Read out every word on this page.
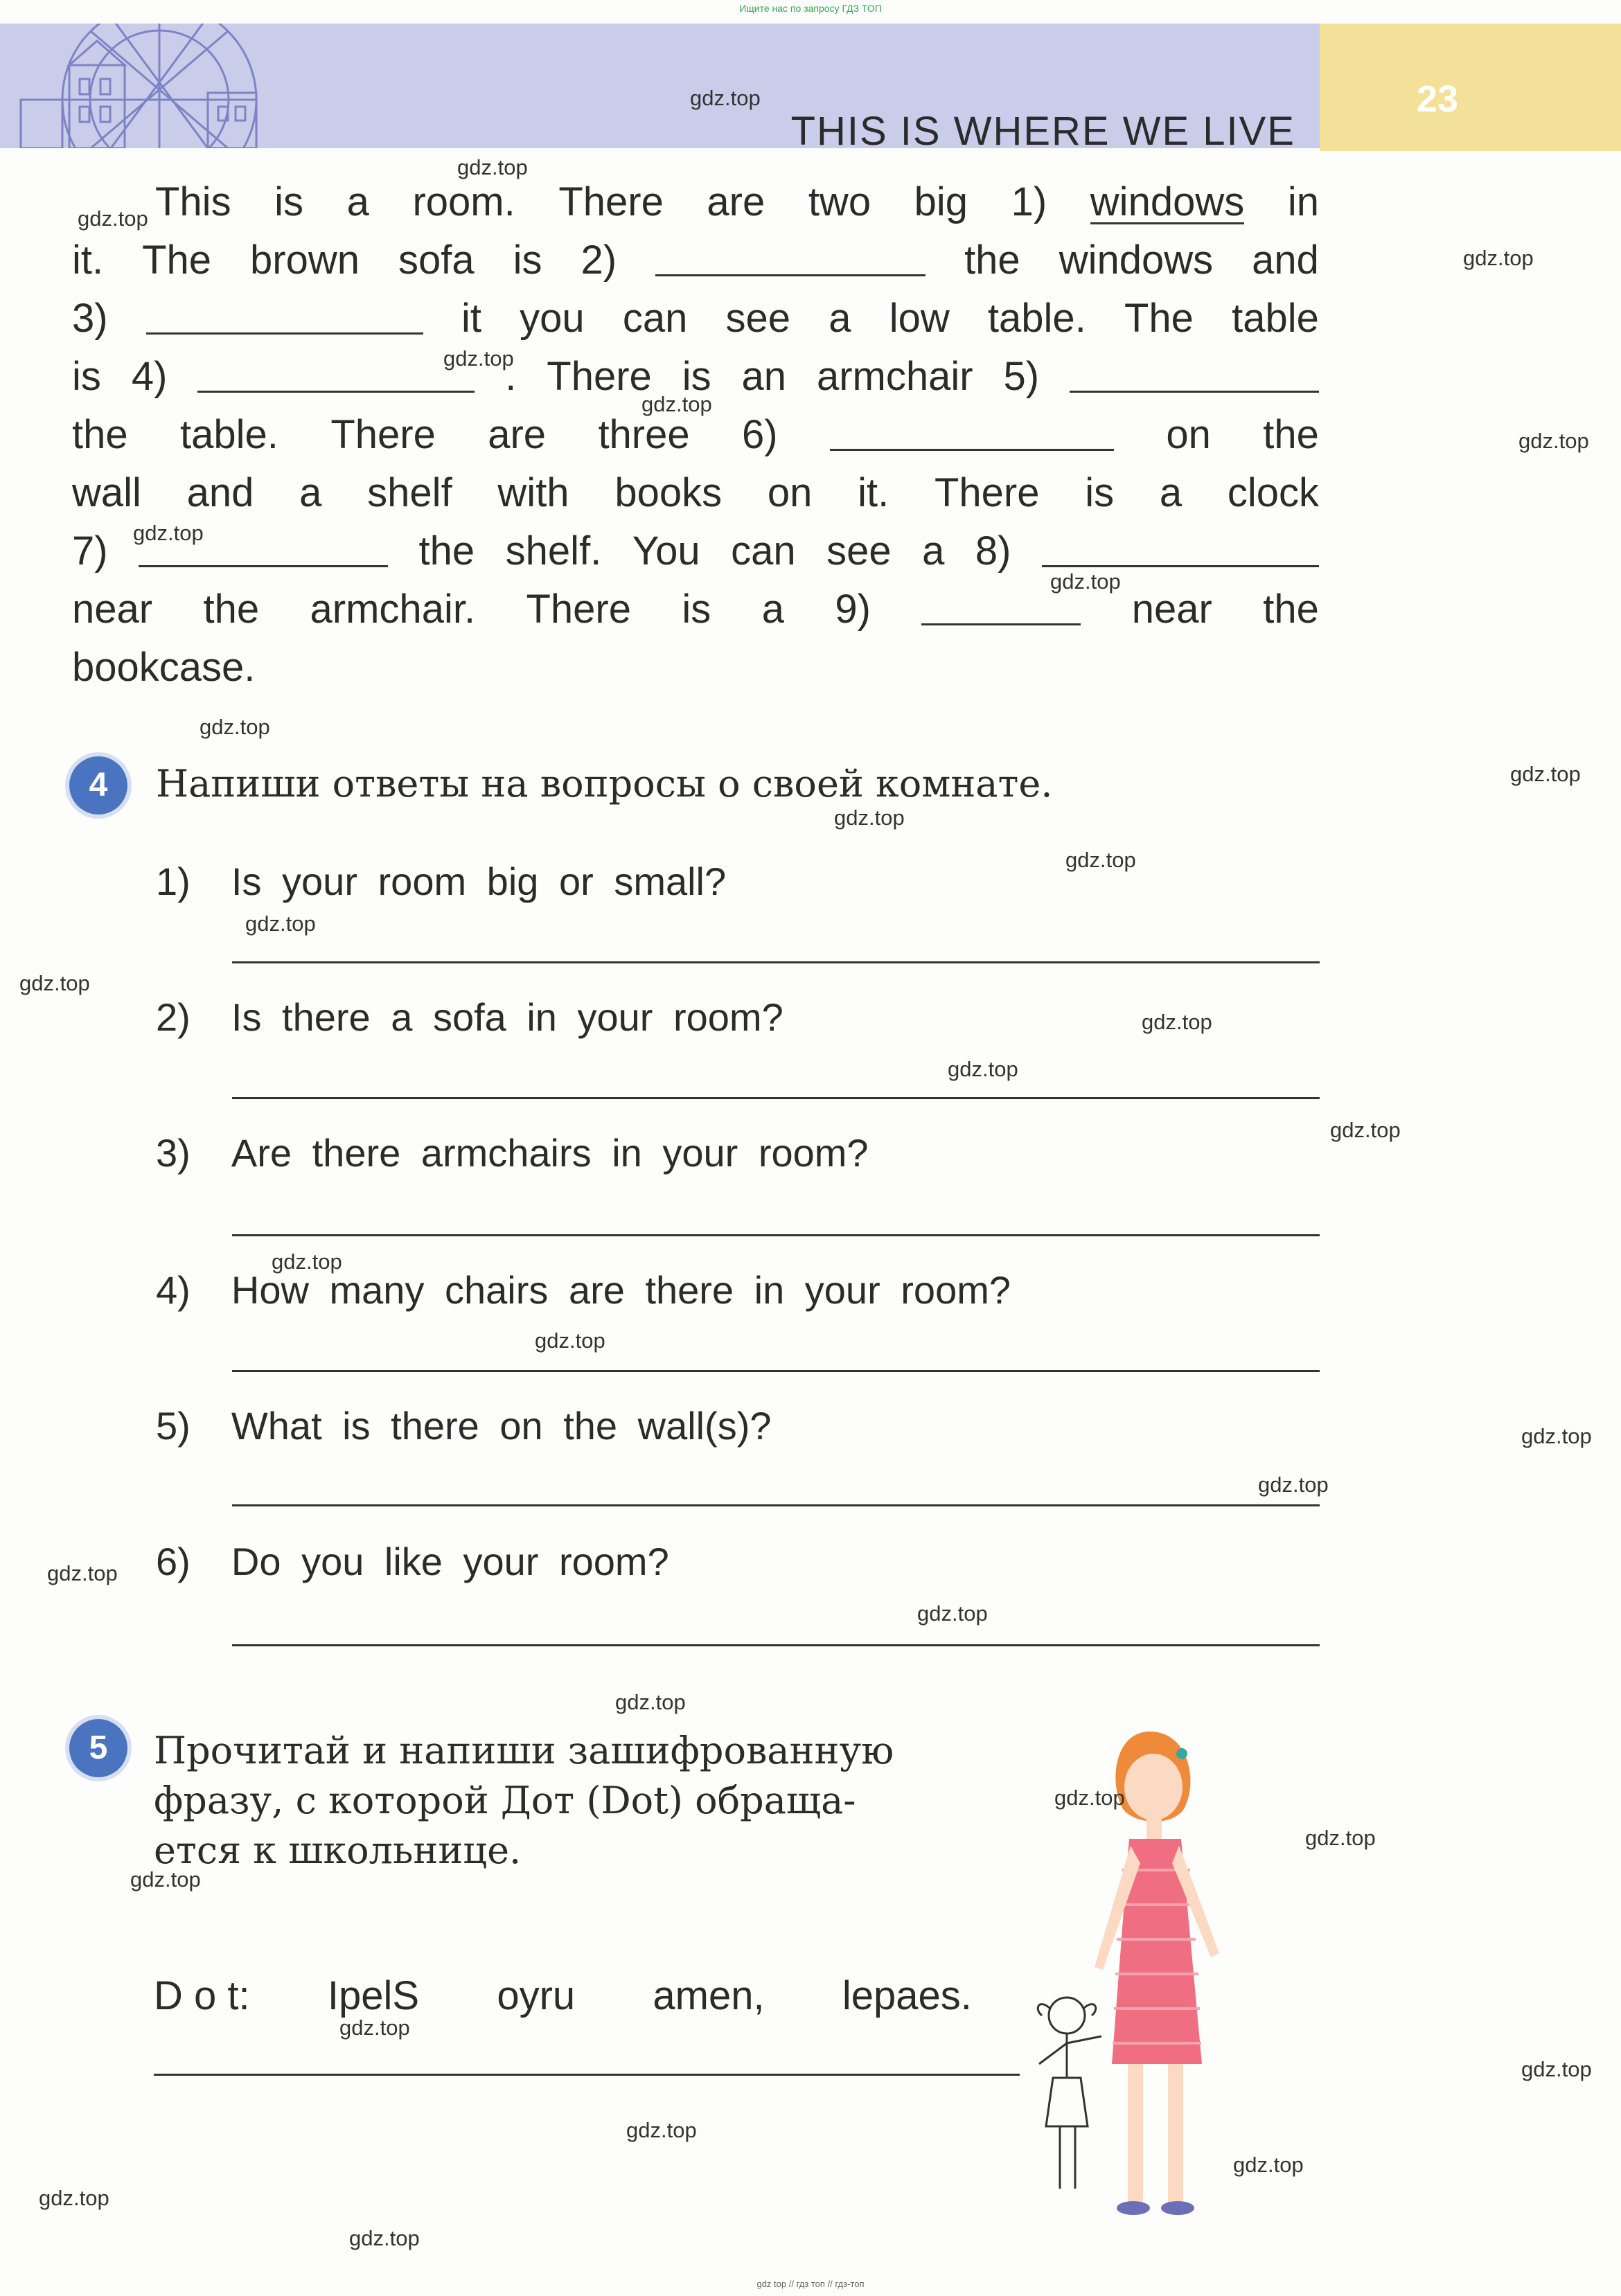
Ищите нас по запросу ГДЗ ТОП
23
THIS IS WHERE WE LIVE
This is a room. There are two big 1) windows in
it. The brown sofa is 2)	the windows and
3)	it you can see a low table. The table
is 4)	. There is an armchair 5)
the table. There are three 6)	on the
wall and a shelf with books on it. There is a clock
7)	the shelf. You can see a 8)
near the armchair. There is a 9)	near the
bookcase.
4	Напиши ответы на вопросы о своей комнате.
1) Is your room big or small?
2) Is there a sofa in your room?
3) Are there armchairs in your room?
4) How many chairs are there in your room?
5) What is there on the wall(s)?
6) Do you like your room?
5	Прочитай и напиши зашифрованную
фразу, с которой Дот (Dot) обраща-
ется к школьнице.
D o t: IpelS oyru amen, lepaes.
gdz.top
gdz.top
gdz.top
gdz.top
gdz.top
gdz.top
gdz.top
gdz.top
gdz.top
gdz.top
gdz.top
gdz.top
gdz.top
gdz.top
gdz.top
gdz.top
gdz.top
gdz.top
gdz.top
gdz.top
gdz.top
gdz.top
gdz.top
gdz.top
gdz.top
gdz.top
gdz.top
gdz.top
gdz.top
gdz.top
gdz.top
gdz.top
gdz.top
gdz.top
gdz top // гдз топ // гдз-топ
